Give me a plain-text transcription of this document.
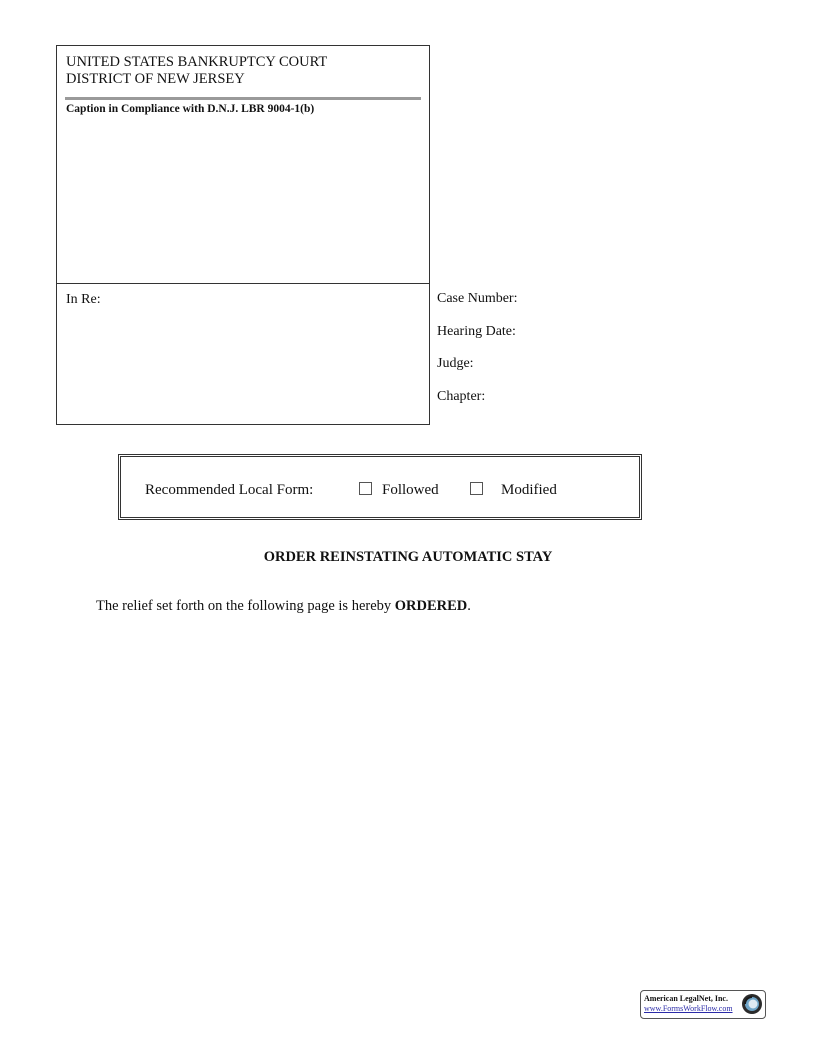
UNITED STATES BANKRUPTCY COURT
DISTRICT OF NEW JERSEY
Caption in Compliance with D.N.J. LBR 9004-1(b)
In Re:	Case Number:
Hearing Date:
Judge:
Chapter:
Recommended Local Form:	Followed	Modified
ORDER REINSTATING AUTOMATIC STAY
The relief set forth on the following page is hereby ORDERED.
American LegalNet, Inc.
www.FormsWorkFlow.com
